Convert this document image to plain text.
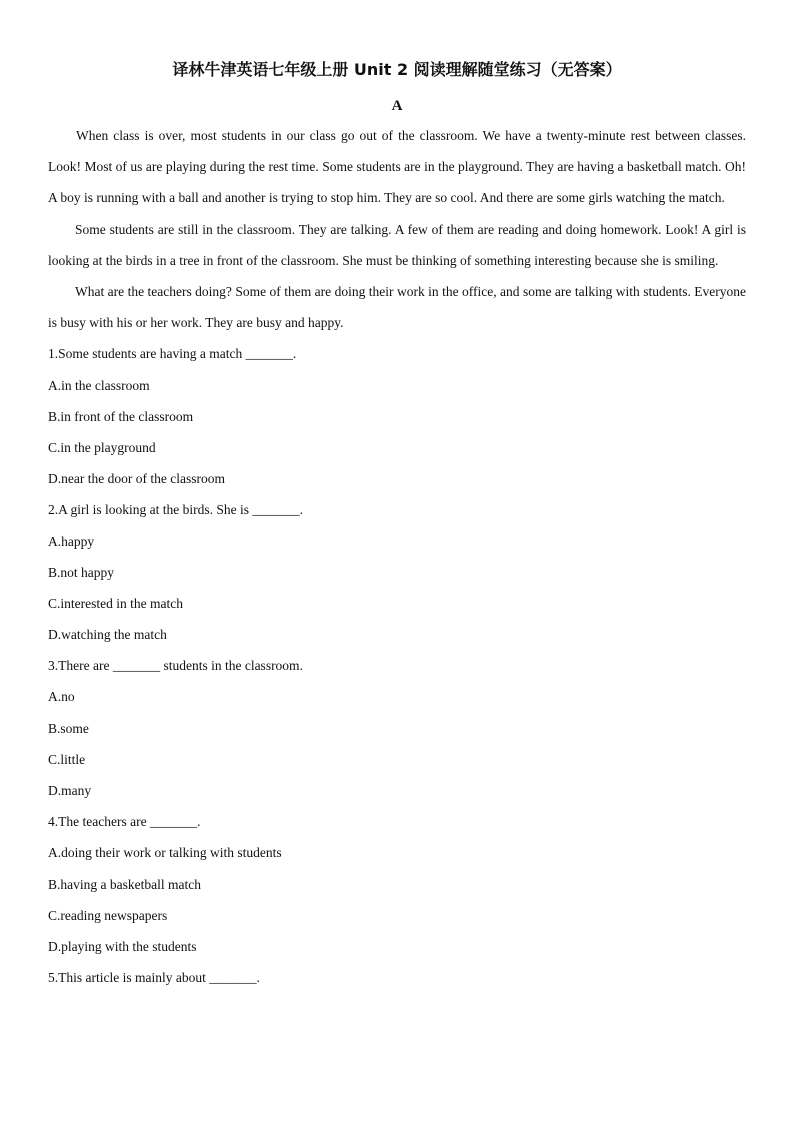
译林牛津英语七年级上册 Unit 2 阅读理解随堂练习（无答案）
A

When class is over, most students in our class go out of the classroom. We have a twenty-minute rest between classes. Look! Most of us are playing during the rest time. Some students are in the playground. They are having a basketball match. Oh! A boy is running with a ball and another is trying to stop him. They are so cool. And there are some girls watching the match.

Some students are still in the classroom. They are talking. A few of them are reading and doing homework. Look! A girl is looking at the birds in a tree in front of the classroom. She must be thinking of something interesting because she is smiling.

What are the teachers doing? Some of them are doing their work in the office, and some are talking with students. Everyone is busy with his or her work. They are busy and happy.

1.Some students are having a match _______.

A.in the classroom

B.in front of the classroom

C.in the playground

D.near the door of the classroom

2.A girl is looking at the birds. She is _______.

A.happy

B.not happy

C.interested in the match

D.watching the match

3.There are _______ students in the classroom.

A.no

B.some

C.little

D.many

4.The teachers are _______.

A.doing their work or talking with students

B.having a basketball match

C.reading newspapers

D.playing with the students

5.This article is mainly about _______.
